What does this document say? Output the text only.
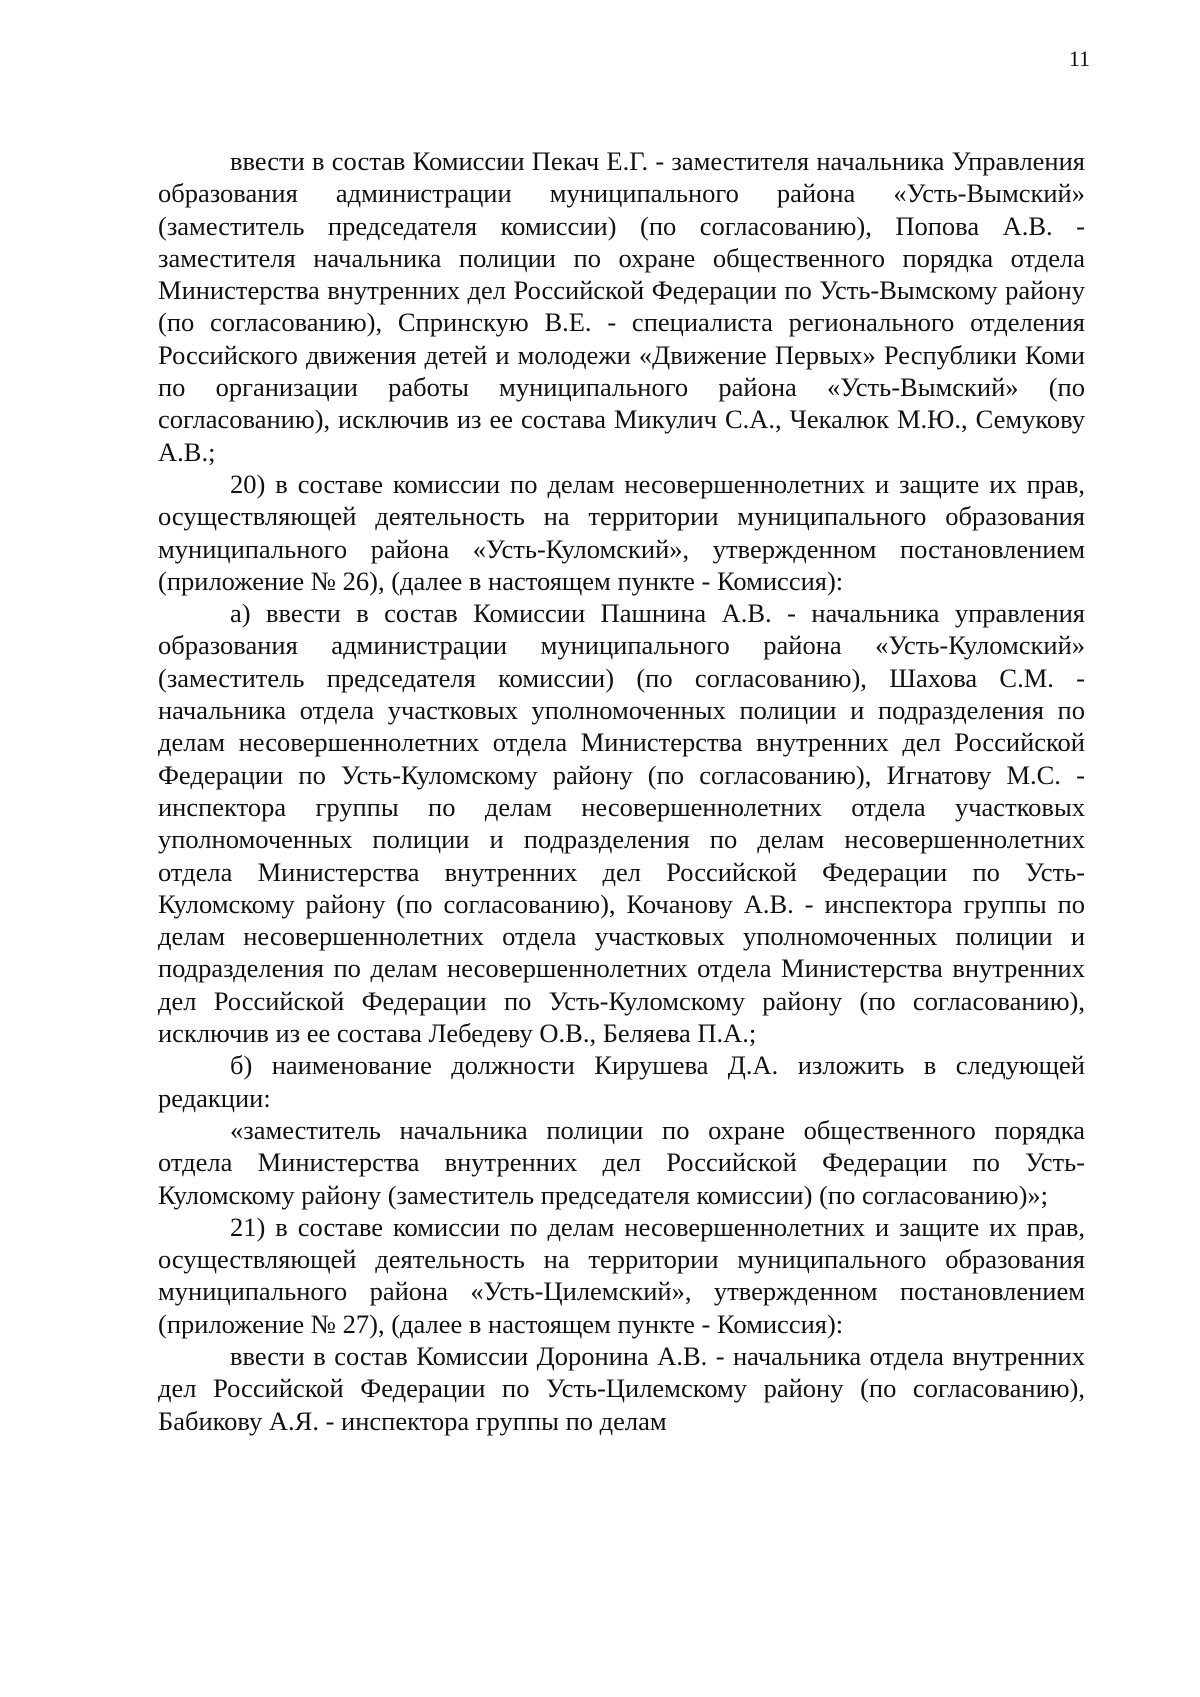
11

ввести в состав Комиссии Пекач Е.Г. - заместителя начальника Управления образования администрации муниципального района «Усть-Вымский» (заместитель председателя комиссии) (по согласованию), Попова А.В. - заместителя начальника полиции по охране общественного порядка отдела Министерства внутренних дел Российской Федерации по Усть-Вымскому району (по согласованию), Спринскую В.Е. - специалиста регионального отделения Российского движения детей и молодежи «Движение Первых» Республики Коми по организации работы муниципального района «Усть-Вымский» (по согласованию), исключив из ее состава Микулич С.А., Чекалюк М.Ю., Семукову А.В.;

20) в составе комиссии по делам несовершеннолетних и защите их прав, осуществляющей деятельность на территории муниципального образования муниципального района «Усть-Куломский», утвержденном постановлением (приложение № 26), (далее в настоящем пункте - Комиссия):

а) ввести в состав Комиссии Пашнина А.В. - начальника управления образования администрации муниципального района «Усть-Куломский» (заместитель председателя комиссии) (по согласованию), Шахова С.М. - начальника отдела участковых уполномоченных полиции и подразделения по делам несовершеннолетних отдела Министерства внутренних дел Российской Федерации по Усть-Куломскому району (по согласованию), Игнатову М.С. - инспектора группы по делам несовершеннолетних отдела участковых уполномоченных полиции и подразделения по делам несовершеннолетних отдела Министерства внутренних дел Российской Федерации по Усть-Куломскому району (по согласованию), Кочанову А.В. - инспектора группы по делам несовершеннолетних отдела участковых уполномоченных полиции и подразделения по делам несовершеннолетних отдела Министерства внутренних дел Российской Федерации по Усть-Куломскому району (по согласованию), исключив из ее состава Лебедеву О.В., Беляева П.А.;

б) наименование должности Кирушева Д.А. изложить в следующей редакции:

«заместитель начальника полиции по охране общественного порядка отдела Министерства внутренних дел Российской Федерации по Усть-Куломскому району (заместитель председателя комиссии) (по согласованию)»;

21) в составе комиссии по делам несовершеннолетних и защите их прав, осуществляющей деятельность на территории муниципального образования муниципального района «Усть-Цилемский», утвержденном постановлением (приложение № 27), (далее в настоящем пункте - Комиссия):

ввести в состав Комиссии Доронина А.В. - начальника отдела внутренних дел Российской Федерации по Усть-Цилемскому району (по согласованию), Бабикову А.Я. - инспектора группы по делам
